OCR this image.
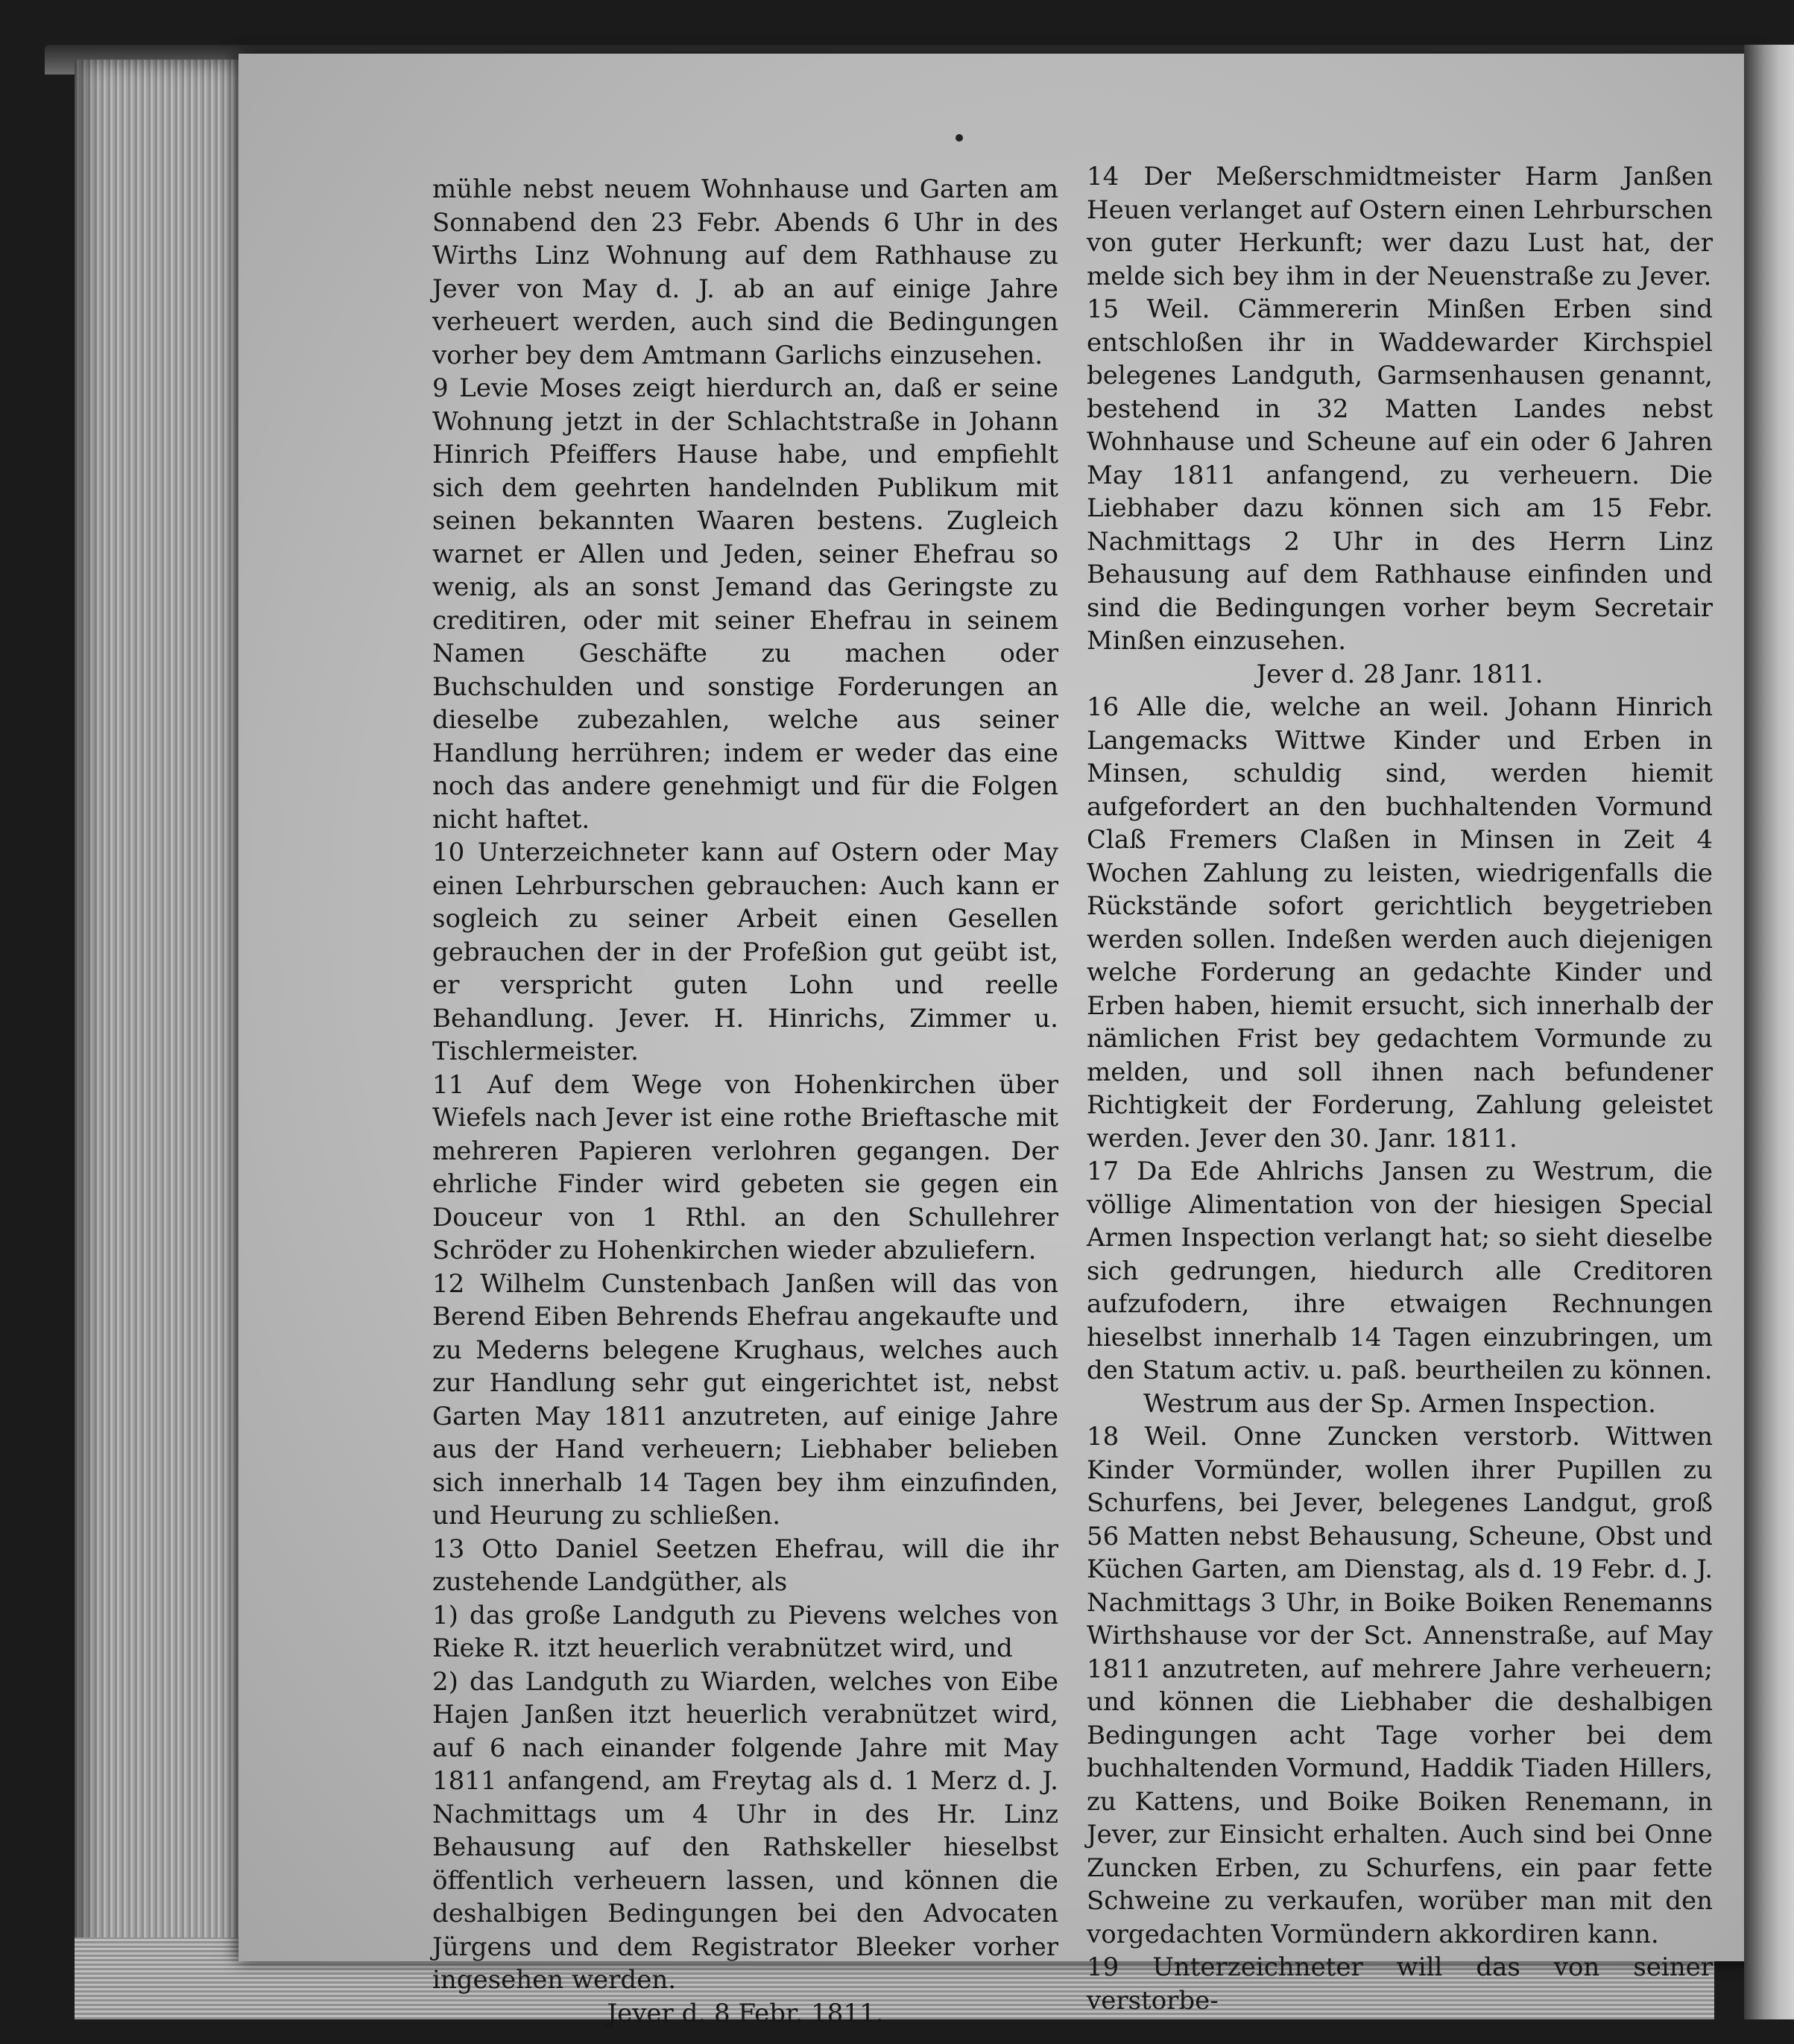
mühle nebst neuem Wohnhause und Garten am Sonnabend den 23 Febr. Abends 6 Uhr in des Wirths Linz Wohnung auf dem Rathhause zu Jever von May d. J. ab an auf einige Jahre verheuert werden, auch sind die Bedingungen vorher bey dem Amtmann Garlichs einzusehen.

9 Levie Moses zeigt hierdurch an, daß er seine Wohnung jetzt in der Schlachtstraße in Johann Hinrich Pfeiffers Hause habe, und empfiehlt sich dem geehrten handelnden Publikum mit seinen bekannten Waaren bestens. Zugleich warnet er Allen und Jeden, seiner Ehefrau so wenig, als an sonst Jemand das Geringste zu creditiren, oder mit seiner Ehefrau in seinem Namen Geschäfte zu machen oder Buchschulden und sonstige Forderungen an dieselbe zubezahlen, welche aus seiner Handlung herrühren; indem er weder das eine noch das andere genehmigt und für die Folgen nicht haftet.

10 Unterzeichneter kann auf Ostern oder May einen Lehrburschen gebrauchen: Auch kann er sogleich zu seiner Arbeit einen Gesellen gebrauchen der in der Profeßion gut geübt ist, er verspricht guten Lohn und reelle Behandlung. Jever. H. Hinrichs, Zimmer u. Tischlermeister.

11 Auf dem Wege von Hohenkirchen über Wiefels nach Jever ist eine rothe Brieftasche mit mehreren Papieren verlohren gegangen. Der ehrliche Finder wird gebeten sie gegen ein Douceur von 1 Rthl. an den Schullehrer Schröder zu Hohenkirchen wieder abzuliefern.

12 Wilhelm Cunstenbach Janßen will das von Berend Eiben Behrends Ehefrau angekaufte und zu Mederns belegene Krughaus, welches auch zur Handlung sehr gut eingerichtet ist, nebst Garten May 1811 anzutreten, auf einige Jahre aus der Hand verheuern; Liebhaber belieben sich innerhalb 14 Tagen bey ihm einzufinden, und Heurung zu schließen.

13 Otto Daniel Seetzen Ehefrau, will die ihr zustehende Landgüther, als

1) das große Landguth zu Pievens welches von Rieke R. itzt heuerlich verabnützet wird, und

2) das Landguth zu Wiarden, welches von Eibe Hajen Janßen itzt heuerlich verabnützet wird, auf 6 nach einander folgende Jahre mit May 1811 anfangend, am Freytag als d. 1 Merz d. J. Nachmittags um 4 Uhr in des Hr. Linz Behausung auf den Rathskeller hieselbst öffentlich verheuern lassen, und können die deshalbigen Bedingungen bei den Advocaten Jürgens und dem Registrator Bleeker vorher ingesehen werden.

Jever d. 8 Febr. 1811.

14 Der Meßerschmidtmeister Harm Janßen Heuen verlanget auf Ostern einen Lehrburschen von guter Herkunft; wer dazu Lust hat, der melde sich bey ihm in der Neuenstraße zu Jever.

15 Weil. Cämmererin Minßen Erben sind entschloßen ihr in Waddewarder Kirchspiel belegenes Landguth, Garmsenhausen genannt, bestehend in 32 Matten Landes nebst Wohnhause und Scheune auf ein oder 6 Jahren May 1811 anfangend, zu verheuern. Die Liebhaber dazu können sich am 15 Febr. Nachmittags 2 Uhr in des Herrn Linz Behausung auf dem Rathhause einfinden und sind die Bedingungen vorher beym Secretair Minßen einzusehen.

Jever d. 28 Janr. 1811.

16 Alle die, welche an weil. Johann Hinrich Langemacks Wittwe Kinder und Erben in Minsen, schuldig sind, werden hiemit aufgefordert an den buchhaltenden Vormund Claß Fremers Claßen in Minsen in Zeit 4 Wochen Zahlung zu leisten, wiedrigenfalls die Rückstände sofort gerichtlich beygetrieben werden sollen. Indeßen werden auch diejenigen welche Forderung an gedachte Kinder und Erben haben, hiemit ersucht, sich innerhalb der nämlichen Frist bey gedachtem Vormunde zu melden, und soll ihnen nach befundener Richtigkeit der Forderung, Zahlung geleistet werden. Jever den 30. Janr. 1811.

17 Da Ede Ahlrichs Jansen zu Westrum, die völlige Alimentation von der hiesigen Special Armen Inspection verlangt hat; so sieht dieselbe sich gedrungen, hiedurch alle Creditoren aufzufodern, ihre etwaigen Rechnungen hieselbst innerhalb 14 Tagen einzubringen, um den Statum activ. u. paß. beurtheilen zu können.

Westrum aus der Sp. Armen Inspection.

18 Weil. Onne Zuncken verstorb. Wittwen Kinder Vormünder, wollen ihrer Pupillen zu Schurfens, bei Jever, belegenes Landgut, groß 56 Matten nebst Behausung, Scheune, Obst und Küchen Garten, am Dienstag, als d. 19 Febr. d. J. Nachmittags 3 Uhr, in Boike Boiken Renemanns Wirthshause vor der Sct. Annenstraße, auf May 1811 anzutreten, auf mehrere Jahre verheuern; und können die Liebhaber die deshalbigen Bedingungen acht Tage vorher bei dem buchhaltenden Vormund, Haddik Tiaden Hillers, zu Kattens, und Boike Boiken Renemann, in Jever, zur Einsicht erhalten. Auch sind bei Onne Zuncken Erben, zu Schurfens, ein paar fette Schweine zu verkaufen, worüber man mit den vorgedachten Vormündern akkordiren kann.

19 Unterzeichneter will das von seiner verstorbe-
